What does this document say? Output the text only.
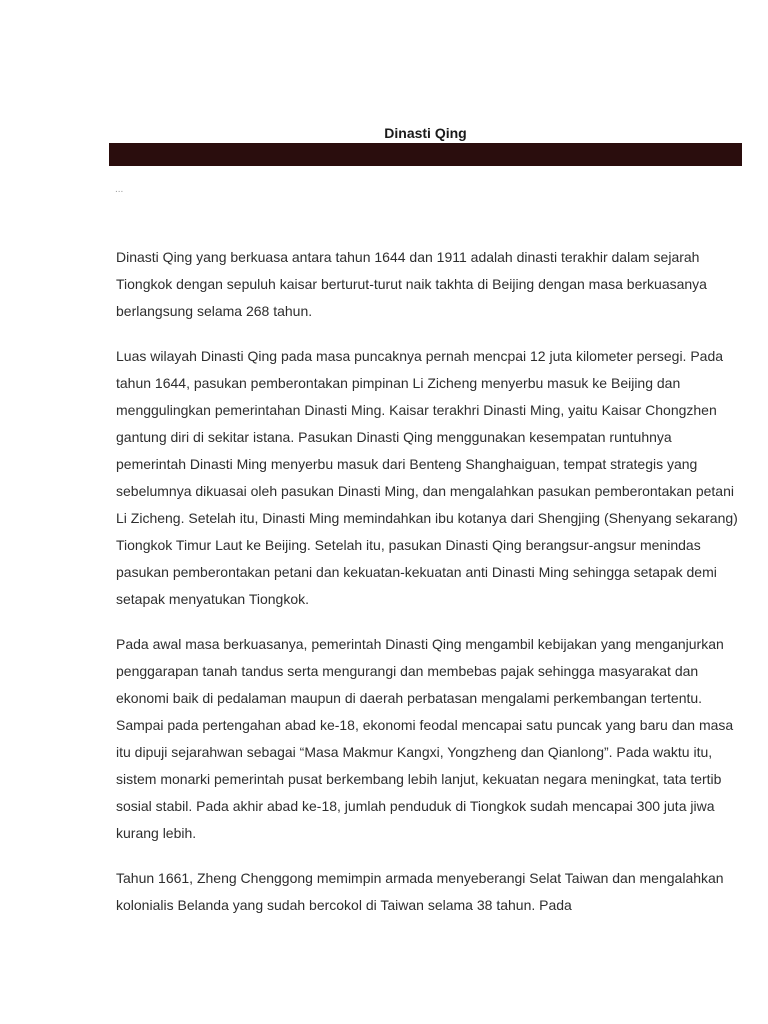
Dinasti Qing
...

Dinasti Qing yang berkuasa antara tahun 1644 dan 1911 adalah dinasti terakhir dalam sejarah Tiongkok dengan sepuluh kaisar berturut-turut naik takhta di Beijing dengan masa berkuasanya berlangsung selama 268 tahun.

Luas wilayah Dinasti Qing pada masa puncaknya pernah mencpai 12 juta kilometer persegi. Pada tahun 1644, pasukan pemberontakan pimpinan Li Zicheng menyerbu masuk ke Beijing dan menggulingkan pemerintahan Dinasti Ming. Kaisar terakhri Dinasti Ming, yaitu Kaisar Chongzhen gantung diri di sekitar istana. Pasukan Dinasti Qing menggunakan kesempatan runtuhnya pemerintah Dinasti Ming menyerbu masuk dari Benteng Shanghaiguan, tempat strategis yang sebelumnya dikuasai oleh pasukan Dinasti Ming, dan mengalahkan pasukan pemberontakan petani Li Zicheng. Setelah itu, Dinasti Ming memindahkan ibu kotanya dari Shengjing (Shenyang sekarang) Tiongkok Timur Laut ke Beijing. Setelah itu, pasukan Dinasti Qing berangsur-angsur menindas pasukan pemberontakan petani dan kekuatan-kekuatan anti Dinasti Ming sehingga setapak demi setapak menyatukan Tiongkok.

Pada awal masa berkuasanya, pemerintah Dinasti Qing mengambil kebijakan yang menganjurkan penggarapan tanah tandus serta mengurangi dan membebas pajak sehingga masyarakat dan ekonomi baik di pedalaman maupun di daerah perbatasan mengalami perkembangan tertentu. Sampai pada pertengahan abad ke-18, ekonomi feodal mencapai satu puncak yang baru dan masa itu dipuji sejarahwan sebagai “Masa Makmur Kangxi, Yongzheng dan Qianlong”. Pada waktu itu, sistem monarki pemerintah pusat berkembang lebih lanjut, kekuatan negara meningkat, tata tertib sosial stabil. Pada akhir abad ke-18, jumlah penduduk di Tiongkok sudah mencapai 300 juta jiwa kurang lebih.

Tahun 1661, Zheng Chenggong memimpin armada menyeberangi Selat Taiwan dan mengalahkan kolonialis Belanda yang sudah bercokol di Taiwan selama 38 tahun. Pada
